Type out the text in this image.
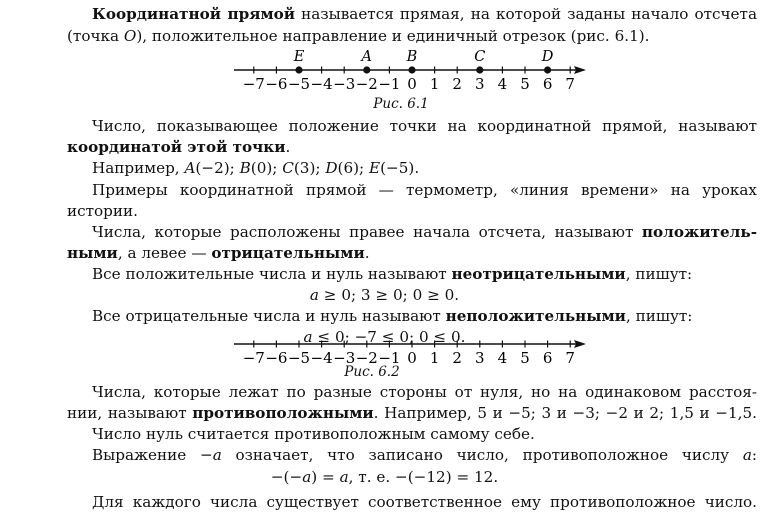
Координатной прямой называется прямая, на которой заданы начало отсчета
(точка O), положительное направление и единичный отрезок (рис. 6.1).
−7 −6 −5 −4 −3 −2 −1 0 1 2 3 4 5 6 7
E	A B	C	D
Рис. 6.1
Число, показывающее положение точки на координатной прямой, называют
координатой этой точки.
Например, A(−2); B(0); C(3); D(6); E(−5).
Примеры координатной прямой — термометр, «линия времени» на уроках
истории.
Числа, которые расположены правее начала отсчета, называют положитель-
ными, а левее — отрицательными.
Все положительные числа и нуль называют неотрицательными, пишут:
a ≥ 0; 3 ≥ 0; 0 ≥ 0.
Все отрицательные числа и нуль называют неположительными, пишут:
a ≤ 0; −7 ≤ 0; 0 ≤ 0.
−7 −6 −5 −4 −3 −2 −1 0 1 2 3 4 5 6 7
Рис. 6.2
Числа, которые лежат по разные стороны от нуля, но на одинаковом расстоя-
нии, называют противоположными. Например, 5 и −5; 3 и −3; −2 и 2; 1,5 и −1,5.
Число нуль считается противоположным самому себе.
Выражение −a означает, что записано число, противоположное числу a:
−(−a) = a, т. е. −(−12) = 12.
Для каждого числа существует соответственное ему противоположное число.
